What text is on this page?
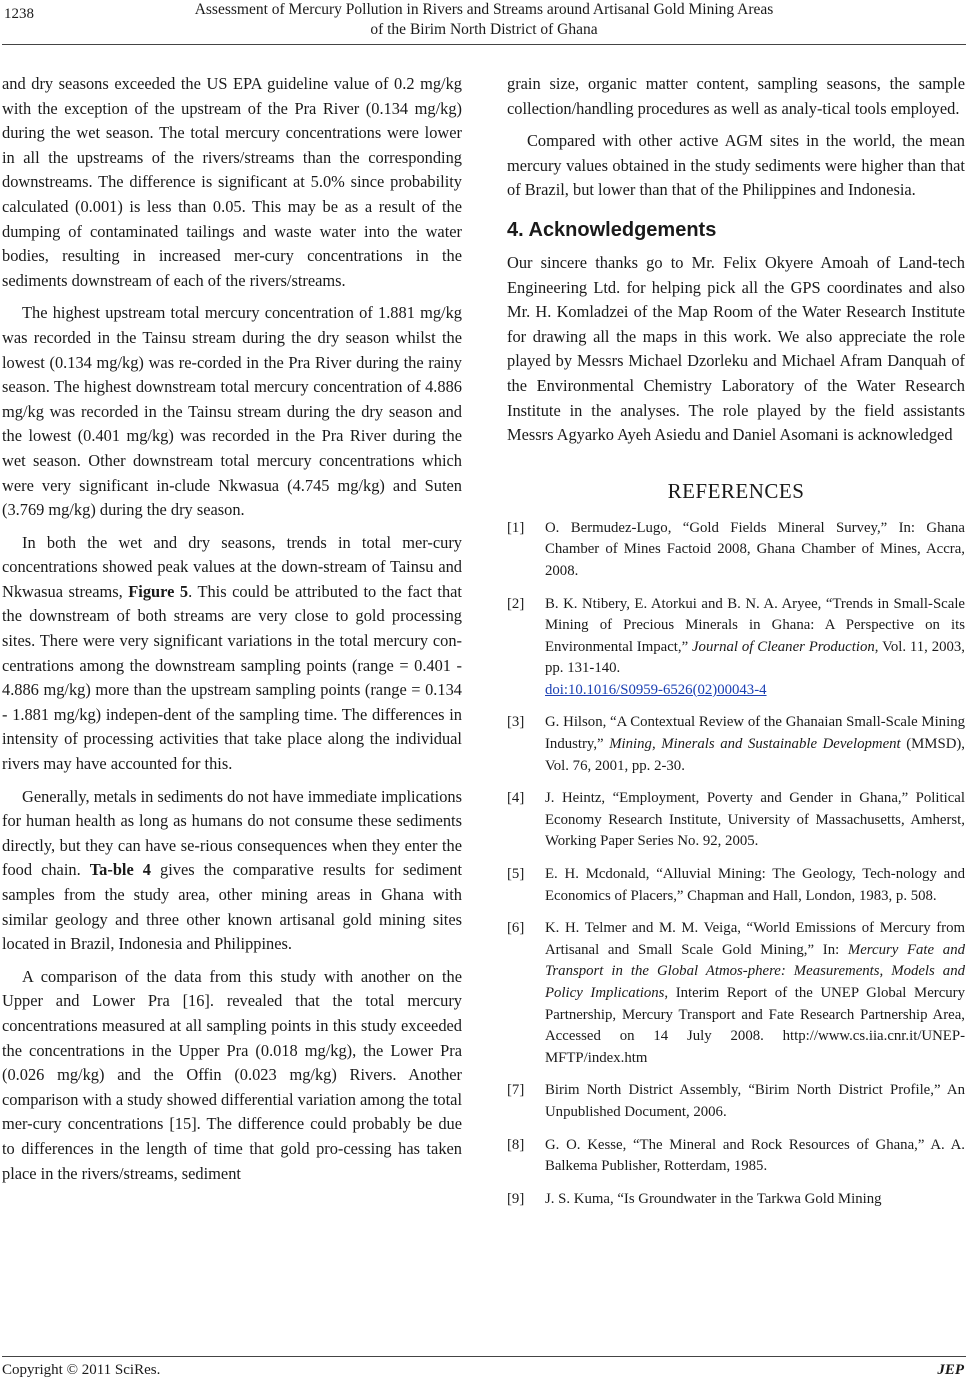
1238	Assessment of Mercury Pollution in Rivers and Streams around Artisanal Gold Mining Areas
of the Birim North District of Ghana

and dry seasons exceeded the US EPA guideline value of 0.2 mg/kg with the exception of the upstream of the Pra River (0.134 mg/kg) during the wet season. The total mercury concentrations were lower in all the upstreams of the rivers/streams than the corresponding downstreams. The difference is significant at 5.0% since probability calculated (0.001) is less than 0.05. This may be as a result of the dumping of contaminated tailings and waste water into the water bodies, resulting in increased mer-cury concentrations in the sediments downstream of each of the rivers/streams.

The highest upstream total mercury concentration of 1.881 mg/kg was recorded in the Tainsu stream during the dry season whilst the lowest (0.134 mg/kg) was re-corded in the Pra River during the rainy season. The highest downstream total mercury concentration of 4.886 mg/kg was recorded in the Tainsu stream during the dry season and the lowest (0.401 mg/kg) was recorded in the Pra River during the wet season. Other downstream total mercury concentrations which were very significant in-clude Nkwasua (4.745 mg/kg) and Suten (3.769 mg/kg) during the dry season.

In both the wet and dry seasons, trends in total mer-cury concentrations showed peak values at the down-stream of Tainsu and Nkwasua streams, Figure 5. This could be attributed to the fact that the downstream of both streams are very close to gold processing sites. There were very significant variations in the total mercury con-centrations among the downstream sampling points (range = 0.401 - 4.886 mg/kg) more than the upstream sampling points (range = 0.134 - 1.881 mg/kg) indepen-dent of the sampling time. The differences in intensity of processing activities that take place along the individual rivers may have accounted for this.

Generally, metals in sediments do not have immediate implications for human health as long as humans do not consume these sediments directly, but they can have se-rious consequences when they enter the food chain. Ta-ble 4 gives the comparative results for sediment samples from the study area, other mining areas in Ghana with similar geology and three other known artisanal gold mining sites located in Brazil, Indonesia and Philippines.

A comparison of the data from this study with another on the Upper and Lower Pra [16]. revealed that the total mercury concentrations measured at all sampling points in this study exceeded the concentrations in the Upper Pra (0.018 mg/kg), the Lower Pra (0.026 mg/kg) and the Offin (0.023 mg/kg) Rivers. Another comparison with a study showed differential variation among the total mer-cury concentrations [15]. The difference could probably be due to differences in the length of time that gold pro-cessing has taken place in the rivers/streams, sediment

grain size, organic matter content, sampling seasons, the sample collection/handling procedures as well as analy-tical tools employed.

Compared with other active AGM sites in the world, the mean mercury values obtained in the study sediments were higher than that of Brazil, but lower than that of the Philippines and Indonesia.

4. Acknowledgements

Our sincere thanks go to Mr. Felix Okyere Amoah of Land-tech Engineering Ltd. for helping pick all the GPS coordinates and also Mr. H. Komladzei of the Map Room of the Water Research Institute for drawing all the maps in this work. We also appreciate the role played by Messrs Michael Dzorleku and Michael Afram Danquah of the Environmental Chemistry Laboratory of the Water Research Institute in the analyses. The role played by the field assistants Messrs Agyarko Ayeh Asiedu and Daniel Asomani is acknowledged

REFERENCES
[1]	O. Bermudez-Lugo, “Gold Fields Mineral Survey,” In: Ghana Chamber of Mines Factoid 2008, Ghana Chamber of Mines, Accra, 2008.
[2]	B. K. Ntibery, E. Atorkui and B. N. A. Aryee, “Trends in Small-Scale Mining of Precious Minerals in Ghana: A Perspective on its Environmental Impact,” Journal of Cleaner Production, Vol. 11, 2003, pp. 131-140.
doi:10.1016/S0959-6526(02)00043-4
[3]	G. Hilson, “A Contextual Review of the Ghanaian Small-Scale Mining Industry,” Mining, Minerals and Sustainable Development (MMSD), Vol. 76, 2001, pp. 2-30.
[4]	J. Heintz, “Employment, Poverty and Gender in Ghana,” Political Economy Research Institute, University of Massachusetts, Amherst, Working Paper Series No. 92, 2005.
[5]	E. H. Mcdonald, “Alluvial Mining: The Geology, Tech-nology and Economics of Placers,” Chapman and Hall, London, 1983, p. 508.
[6]	K. H. Telmer and M. M. Veiga, “World Emissions of Mercury from Artisanal and Small Scale Gold Mining,” In: Mercury Fate and Transport in the Global Atmos-phere: Measurements, Models and Policy Implications, Interim Report of the UNEP Global Mercury Partnership, Mercury Transport and Fate Research Partnership Area, Accessed on 14 July 2008. http://www.cs.iia.cnr.it/UNEP-MFTP/index.htm
[7]	Birim North District Assembly, “Birim North District Profile,” An Unpublished Document, 2006.
[8]	G. O. Kesse, “The Mineral and Rock Resources of Ghana,” A. A. Balkema Publisher, Rotterdam, 1985.
[9]	J. S. Kuma, “Is Groundwater in the Tarkwa Gold Mining
Copyright © 2011 SciRes.	JEP
